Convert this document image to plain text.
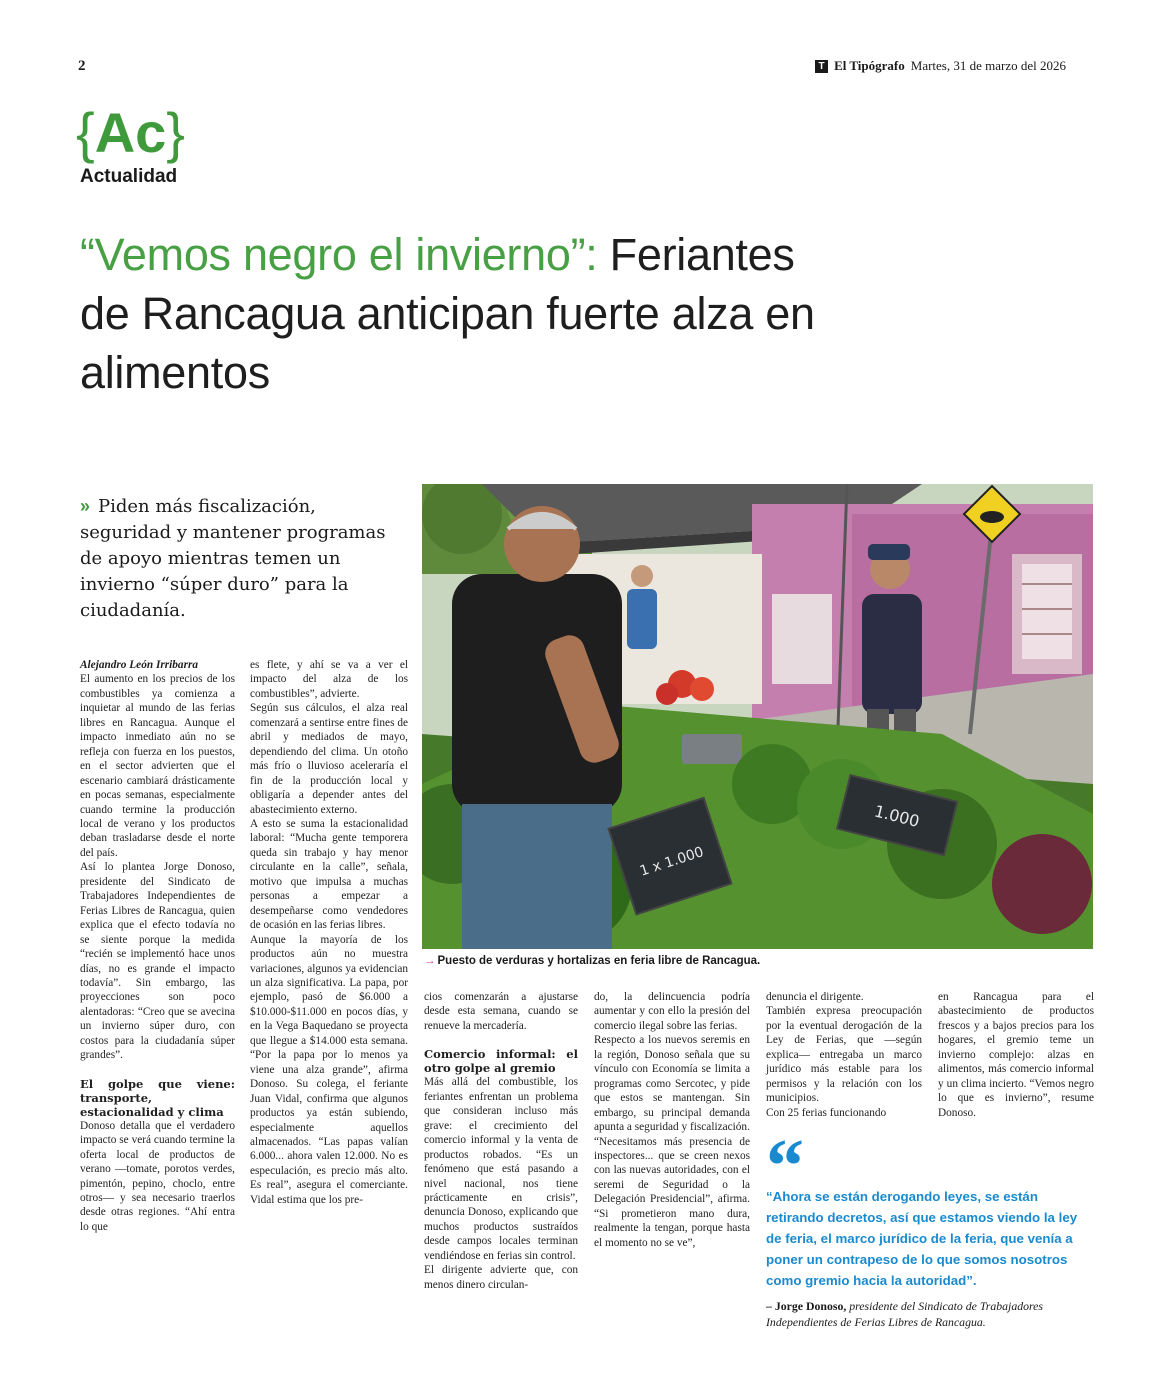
2	T El Tipógrafo Martes, 31 de marzo del 2026
{Ac}
Actualidad
“Vemos negro el invierno”: Feriantes
de Rancagua anticipan fuerte alza en
alimentos
» Piden más fiscalización, seguridad y mantener programas de apoyo mientras temen un invierno “súper duro” para la ciudadanía.
1 x 1.000
1.000
→ Puesto de verduras y hortalizas en feria libre de Rancagua.

Alejandro León Irribarra

El aumento en los precios de los combustibles ya comienza a inquietar al mundo de las ferias libres en Rancagua. Aunque el impacto inmediato aún no se refleja con fuerza en los puestos, en el sector advierten que el escenario cambiará drásticamente en pocas semanas, especialmente cuando termine la producción local de verano y los productos deban trasladarse desde el norte del país.

Así lo plantea Jorge Donoso, presidente del Sindicato de Trabajadores Independientes de Ferias Libres de Rancagua, quien explica que el efecto todavía no se siente porque la medida “recién se implementó hace unos días, no es grande el impacto todavía”. Sin embargo, las proyecciones son poco alentadoras: “Creo que se avecina un invierno súper duro, con costos para la ciudadanía súper grandes”.

El golpe que viene: transporte, estacionalidad y clima

Donoso detalla que el verdadero impacto se verá cuando termine la oferta local de productos de verano —tomate, porotos verdes, pimentón, pepino, choclo, entre otros— y sea necesario traerlos desde otras regiones. “Ahí entra lo que

es flete, y ahí se va a ver el impacto del alza de los combustibles”, advierte.

Según sus cálculos, el alza real comenzará a sentirse entre fines de abril y mediados de mayo, dependiendo del clima. Un otoño más frío o lluvioso aceleraría el fin de la producción local y obligaría a depender antes del abastecimiento externo.

A esto se suma la estacionalidad laboral: “Mucha gente temporera queda sin trabajo y hay menor circulante en la calle”, señala, motivo que impulsa a muchas personas a empezar a desempeñarse como vendedores de ocasión en las ferias libres.

Aunque la mayoría de los productos aún no muestra variaciones, algunos ya evidencian un alza significativa. La papa, por ejemplo, pasó de $6.000 a $10.000-$11.000 en pocos días, y en la Vega Baquedano se proyecta que llegue a $14.000 esta semana. “Por la papa por lo menos ya viene una alza grande”, afirma Donoso. Su colega, el feriante Juan Vidal, confirma que algunos productos ya están subiendo, especialmente aquellos almacenados. “Las papas valían 6.000... ahora valen 12.000. No es especulación, es precio más alto. Es real”, asegura el comerciante. Vidal estima que los pre-

cios comenzarán a ajustarse desde esta semana, cuando se renueve la mercadería.

Comercio informal: el otro golpe al gremio

Más allá del combustible, los feriantes enfrentan un problema que consideran incluso más grave: el crecimiento del comercio informal y la venta de productos robados. “Es un fenómeno que está pasando a nivel nacional, nos tiene prácticamente en crisis”, denuncia Donoso, explicando que muchos productos sustraídos desde campos locales terminan vendiéndose en ferias sin control.

El dirigente advierte que, con menos dinero circulan-

do, la delincuencia podría aumentar y con ello la presión del comercio ilegal sobre las ferias.

Respecto a los nuevos seremis en la región, Donoso señala que su vínculo con Economía se limita a programas como Sercotec, y pide que estos se mantengan. Sin embargo, su principal demanda apunta a seguridad y fiscalización.

“Necesitamos más presencia de inspectores... que se creen nexos con las nuevas autoridades, con el seremi de Seguridad o la Delegación Presidencial”, afirma. “Si prometieron mano dura, realmente la tengan, porque hasta el momento no se ve”,

denuncia el dirigente.

También expresa preocupación por la eventual derogación de la Ley de Ferias, que —según explica— entregaba un marco jurídico más estable para los permisos y la relación con los municipios.

Con 25 ferias funcionando

en Rancagua para el abastecimiento de productos frescos y a bajos precios para los hogares, el gremio teme un invierno complejo: alzas en alimentos, más comercio informal y un clima incierto. “Vemos negro lo que es invierno”, resume Donoso.

“
“Ahora se están derogando leyes, se están retirando decretos, así que estamos viendo la ley de feria, el marco jurídico de la feria, que venía a poner un contrapeso de lo que somos nosotros como gremio hacia la autoridad”.
– Jorge Donoso, presidente del Sindicato de Trabajadores Independientes de Ferias Libres de Rancagua.
